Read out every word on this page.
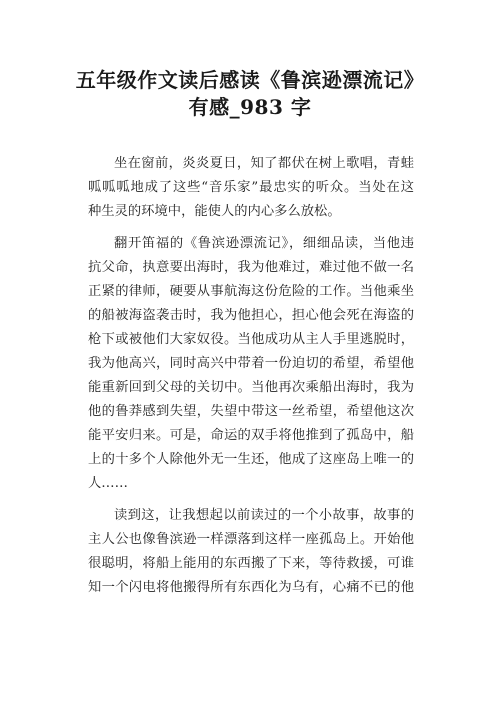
五年级作文读后感读《鲁滨逊漂流记》
有感_983 字
坐在窗前，炎炎夏日，知了都伏在树上歌唱，青蛙
呱呱呱地成了这些“音乐家”最忠实的听众。当处在这
种生灵的环境中，能使人的内心多么放松。
翻开笛福的《鲁滨逊漂流记》，细细品读，当他违
抗父命，执意要出海时，我为他难过，难过他不做一名
正紧的律师，硬要从事航海这份危险的工作。当他乘坐
的船被海盗袭击时，我为他担心，担心他会死在海盗的
枪下或被他们大家奴役。当他成功从主人手里逃脱时，
我为他高兴，同时高兴中带着一份迫切的希望，希望他
能重新回到父母的关切中。当他再次乘船出海时，我为
他的鲁莽感到失望，失望中带这一丝希望，希望他这次
能平安归来。可是，命运的双手将他推到了孤岛中，船
上的十多个人除他外无一生还，他成了这座岛上唯一的
人……
读到这，让我想起以前读过的一个小故事，故事的
主人公也像鲁滨逊一样漂落到这样一座孤岛上。开始他
很聪明，将船上能用的东西搬了下来，等待救援，可谁
知一个闪电将他搬得所有东西化为乌有，心痛不已的他
